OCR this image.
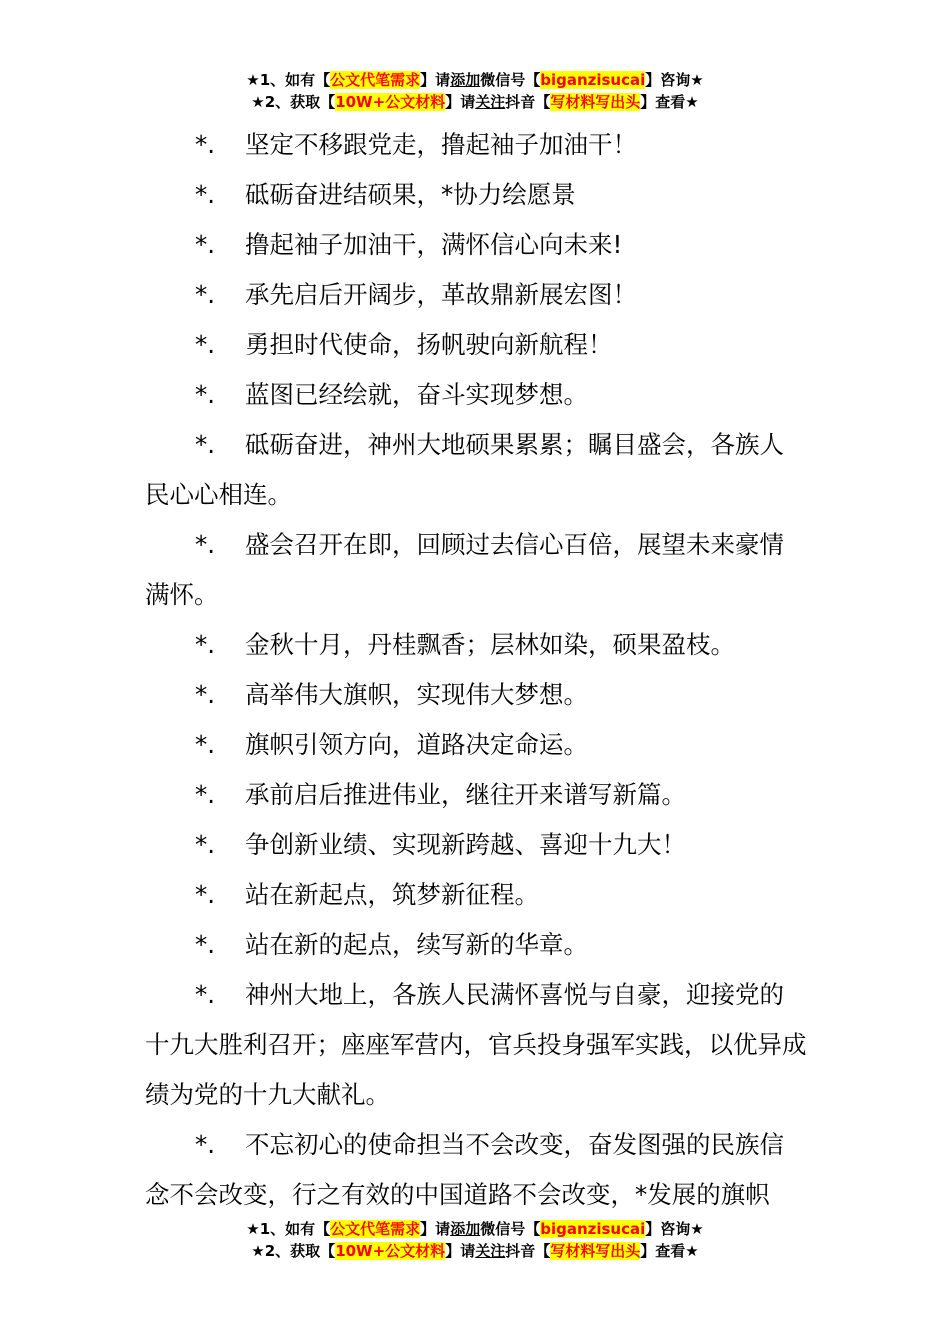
★1、如有【公文代笔需求】请添加微信号【biganzisucai】咨询★
★2、获取【10W+公文材料】请关注抖音【写材料写出头】查看★

*. 坚定不移跟党走，撸起袖子加油干！

*. 砥砺奋进结硕果，*协力绘愿景

*. 撸起袖子加油干，满怀信心向未来!

*. 承先启后开阔步，革故鼎新展宏图！

*. 勇担时代使命，扬帆驶向新航程！

*. 蓝图已经绘就，奋斗实现梦想。

*. 砥砺奋进，神州大地硕果累累；瞩目盛会，各族人民心心相连。

*. 盛会召开在即，回顾过去信心百倍，展望未来豪情满怀。

*. 金秋十月，丹桂飘香；层林如染，硕果盈枝。

*. 高举伟大旗帜，实现伟大梦想。

*. 旗帜引领方向，道路决定命运。

*. 承前启后推进伟业，继往开来谱写新篇。

*. 争创新业绩、实现新跨越、喜迎十九大！

*. 站在新起点，筑梦新征程。

*. 站在新的起点，续写新的华章。

*. 神州大地上，各族人民满怀喜悦与自豪，迎接党的十九大胜利召开；座座军营内，官兵投身强军实践，以优异成绩为党的十九大献礼。

*. 不忘初心的使命担当不会改变，奋发图强的民族信念不会改变，行之有效的中国道路不会改变，*发展的旗帜

★1、如有【公文代笔需求】请添加微信号【biganzisucai】咨询★
★2、获取【10W+公文材料】请关注抖音【写材料写出头】查看★
